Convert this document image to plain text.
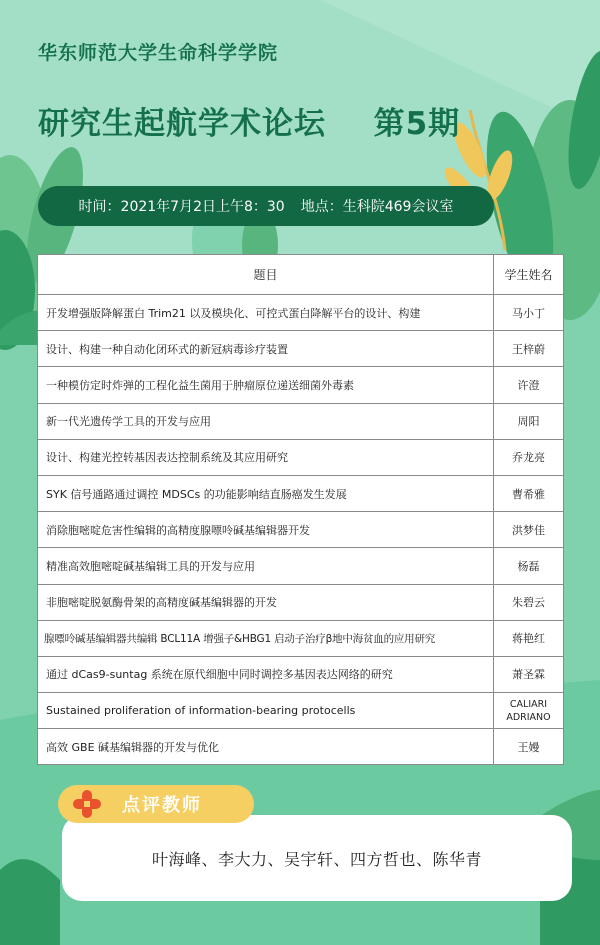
华东师范大学生命科学学院
研究生起航学术论坛 第5期
时间：2021年7月2日上午8：30 地点：生科院469会议室
题目	学生姓名
开发增强版降解蛋白 Trim21 以及模块化、可控式蛋白降解平台的设计、构建	马小丁
设计、构建一种自动化闭环式的新冠病毒诊疗装置	王梓蔚
一种模仿定时炸弹的工程化益生菌用于肿瘤原位递送细菌外毒素	许澄
新一代光遗传学工具的开发与应用	周阳
设计、构建光控转基因表达控制系统及其应用研究	乔龙亮
SYK 信号通路通过调控 MDSCs 的功能影响结直肠癌发生发展	曹希雅
消除胞嘧啶危害性编辑的高精度腺嘌呤碱基编辑器开发	洪梦佳
精准高效胞嘧啶碱基编辑工具的开发与应用	杨磊
非胞嘧啶脱氨酶骨架的高精度碱基编辑器的开发	朱碧云
腺嘌呤碱基编辑器共编辑 BCL11A 增强子&HBG1 启动子治疗β地中海贫血的应用研究	蒋艳红
通过 dCas9-suntag 系统在原代细胞中同时调控多基因表达网络的研究	萧圣霖
Sustained proliferation of information-bearing protocells	CALIARI
ADRIANO

高效 GBE 碱基编辑器的开发与优化	王嫚
叶海峰、李大力、吴宇轩、四方哲也、陈华青
点评教师
